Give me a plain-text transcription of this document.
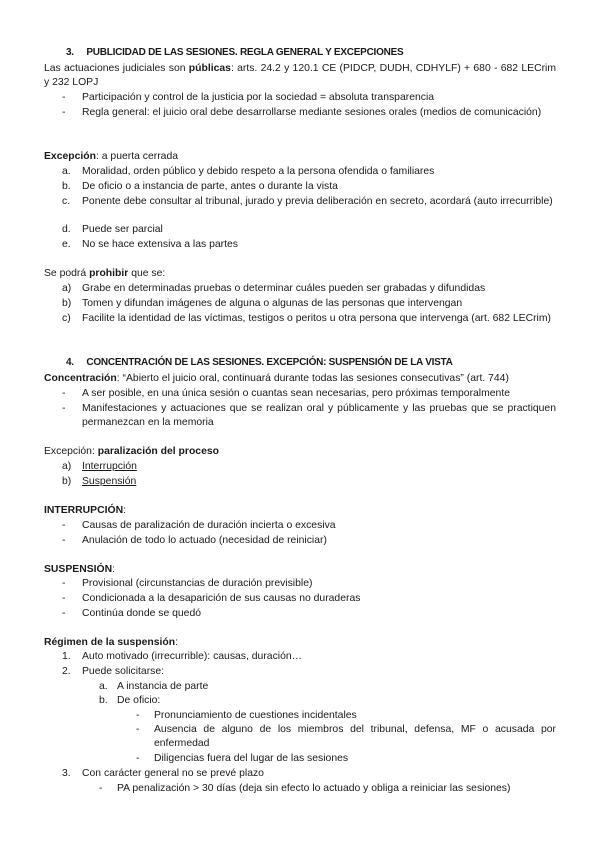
3. PUBLICIDAD DE LAS SESIONES. REGLA GENERAL Y EXCEPCIONES
Las actuaciones judiciales son públicas: arts. 24.2 y 120.1 CE (PIDCP, DUDH, CDHYLF) + 680 - 682 LECrim y 232 LOPJ
-	Participación y control de la justicia por la sociedad = absoluta transparencia
-	Regla general: el juicio oral debe desarrollarse mediante sesiones orales (medios de comunicación)
Excepción: a puerta cerrada
a.	Moralidad, orden público y debido respeto a la persona ofendida o familiares
b.	De oficio o a instancia de parte, antes o durante la vista
c.	Ponente debe consultar al tribunal, jurado y previa deliberación en secreto, acordará (auto irrecurrible)
d.	Puede ser parcial
e.	No se hace extensiva a las partes
Se podrá prohibir que se:
a)	Grabe en determinadas pruebas o determinar cuáles pueden ser grabadas y difundidas
b)	Tomen y difundan imágenes de alguna o algunas de las personas que intervengan
c)	Facilite la identidad de las víctimas, testigos o peritos u otra persona que intervenga (art. 682 LECrim)
4. CONCENTRACIÓN DE LAS SESIONES. EXCEPCIÓN: SUSPENSIÓN DE LA VISTA
Concentración: “Abierto el juicio oral, continuará durante todas las sesiones consecutivas” (art. 744)
-	A ser posible, en una única sesión o cuantas sean necesarias, pero próximas temporalmente
-	Manifestaciones y actuaciones que se realizan oral y públicamente y las pruebas que se practiquen permanezcan en la memoria
Excepción: paralización del proceso
a)	Interrupción
b)	Suspensión
INTERRUPCIÓN:
-	Causas de paralización de duración incierta o excesiva
-	Anulación de todo lo actuado (necesidad de reiniciar)
SUSPENSIÓN:
-	Provisional (circunstancias de duración previsible)
-	Condicionada a la desaparición de sus causas no duraderas
-	Continúa donde se quedó
Régimen de la suspensión:
1.	Auto motivado (irrecurrible): causas, duración…
2.	Puede solicitarse:
a. A instancia de parte
b. De oficio:
-	Pronunciamiento de cuestiones incidentales
-	Ausencia de alguno de los miembros del tribunal, defensa, MF o acusada por enfermedad
-	Diligencias fuera del lugar de las sesiones
3.	Con carácter general no se prevé plazo
-	PA penalización > 30 días (deja sin efecto lo actuado y obliga a reiniciar las sesiones)
